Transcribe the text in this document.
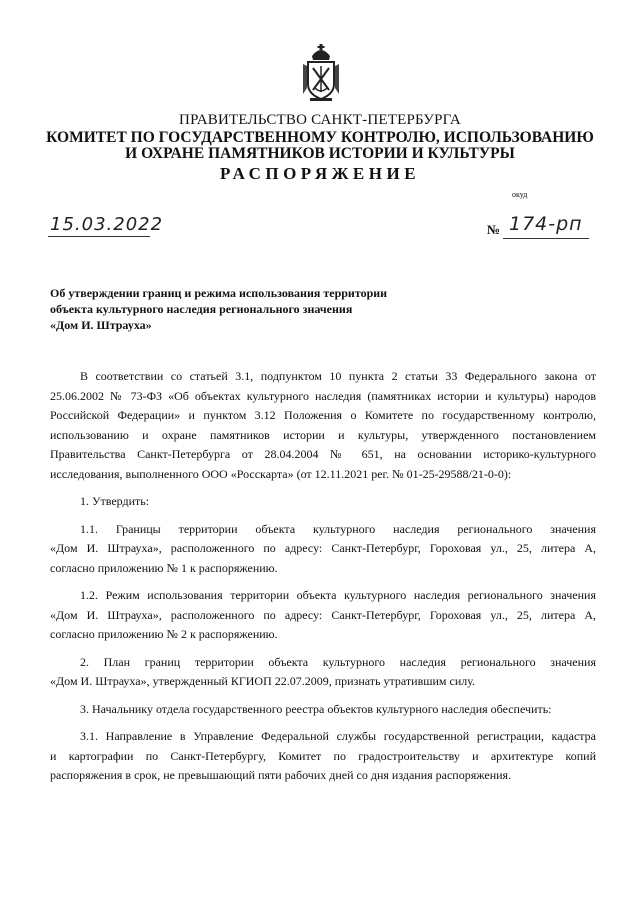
ПРАВИТЕЛЬСТВО САНКТ-ПЕТЕРБУРГА
КОМИТЕТ ПО ГОСУДАРСТВЕННОМУ КОНТРОЛЮ, ИСПОЛЬЗОВАНИЮ
И ОХРАНЕ ПАМЯТНИКОВ ИСТОРИИ И КУЛЬТУРЫ
РАСПОРЯЖЕНИЕ
окуд
15.03.2022	№ 174-рп
Об утверждении границ и режима использования территории
объекта культурного наследия регионального значения
«Дом И. Штрауха»
В соответствии со статьей 3.1, подпунктом 10 пункта 2 статьи 33 Федерального закона от
25.06.2002 № 73-ФЗ «Об объектах культурного наследия (памятниках истории и культуры) народов
Российской Федерации» и пунктом 3.12 Положения о Комитете по государственному контролю,
использованию и охране памятников истории и культуры, утвержденного постановлением
Правительства Санкт-Петербурга от 28.04.2004 № 651, на основании историко-культурного
исследования, выполненного ООО «Росскарта» (от 12.11.2021 рег. № 01-25-29588/21-0-0):
1. Утвердить:
1.1. Границы территории объекта культурного наследия регионального значения
«Дом И. Штрауха», расположенного по адресу: Санкт-Петербург, Гороховая ул., 25, литера А,
согласно приложению № 1 к распоряжению.
1.2. Режим использования территории объекта культурного наследия регионального значения
«Дом И. Штрауха», расположенного по адресу: Санкт-Петербург, Гороховая ул., 25, литера А,
согласно приложению № 2 к распоряжению.
2. План границ территории объекта культурного наследия регионального значения
«Дом И. Штрауха», утвержденный КГИОП 22.07.2009, признать утратившим силу.
3. Начальнику отдела государственного реестра объектов культурного наследия обеспечить:
3.1. Направление в Управление Федеральной службы государственной регистрации, кадастра
и картографии по Санкт-Петербургу, Комитет по градостроительству и архитектуре копий
распоряжения в срок, не превышающий пяти рабочих дней со дня издания распоряжения.
